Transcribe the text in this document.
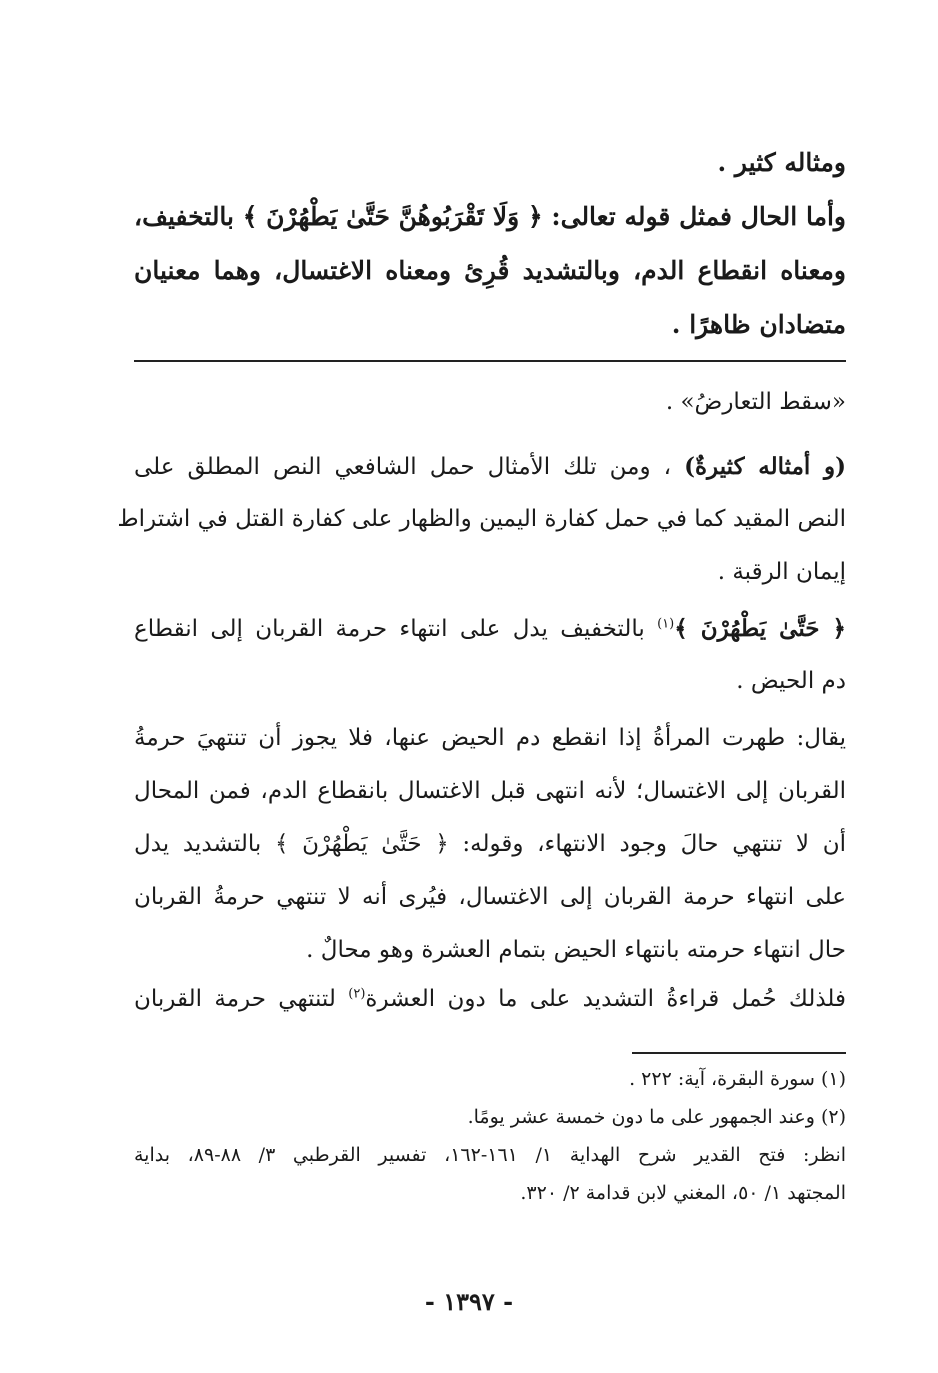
ومثاله كثير .
وأما الحال فمثل قوله تعالى: ﴿ وَلَا تَقْرَبُوهُنَّ حَتَّىٰ يَطْهُرْنَ ﴾ بالتخفيف،
ومعناه انقطاع الدم، وبالتشديد قُرِئ ومعناه الاغتسال، وهما معنيان
متضادان ظاهرًا .
«سقط التعارضُ» .
(و أمثاله كثيرةٌ) ، ومن تلك الأمثال حمل الشافعي النص المطلق على
النص المقيد كما في حمل كفارة اليمين والظهار على كفارة القتل في اشتراط
إيمان الرقبة .
﴿ حَتَّىٰ يَطْهُرْنَ ﴾$^{(١)}$ بالتخفيف يدل على انتهاء حرمة القربان إلى انقطاع
دم الحيض .
يقال: طهرت المرأةُ إذا انقطع دم الحيض عنها، فلا يجوز أن تنتهيَ حرمةُ
القربان إلى الاغتسال؛ لأنه انتهى قبل الاغتسال بانقطاع الدم، فمن المحال
أن لا تنتهي حالَ وجود الانتهاء، وقوله: ﴿ حَتَّىٰ يَطْهُرْنَ ﴾ بالتشديد يدل
على انتهاء حرمة القربان إلى الاغتسال، فيُرى أنه لا تنتهي حرمةُ القربان
حال انتهاء حرمته بانتهاء الحيض بتمام العشرة وهو محالٌ .
فلذلك حُمل قراءةُ التشديد على ما دون العشرة$^{(٢)}$ لتنتهي حرمة القربان
(١) سورة البقرة، آية: ٢٢٢ .
(٢) وعند الجمهور على ما دون خمسة عشر يومًا.
انظر: فتح القدير شرح الهداية ١/ ١٦١-١٦٢، تفسير القرطبي ٣/ ٨٨-٨٩، بداية
المجتهد ١/ ٥٠، المغني لابن قدامة ٢/ ٣٢٠.
- ١٣٩٧ -
